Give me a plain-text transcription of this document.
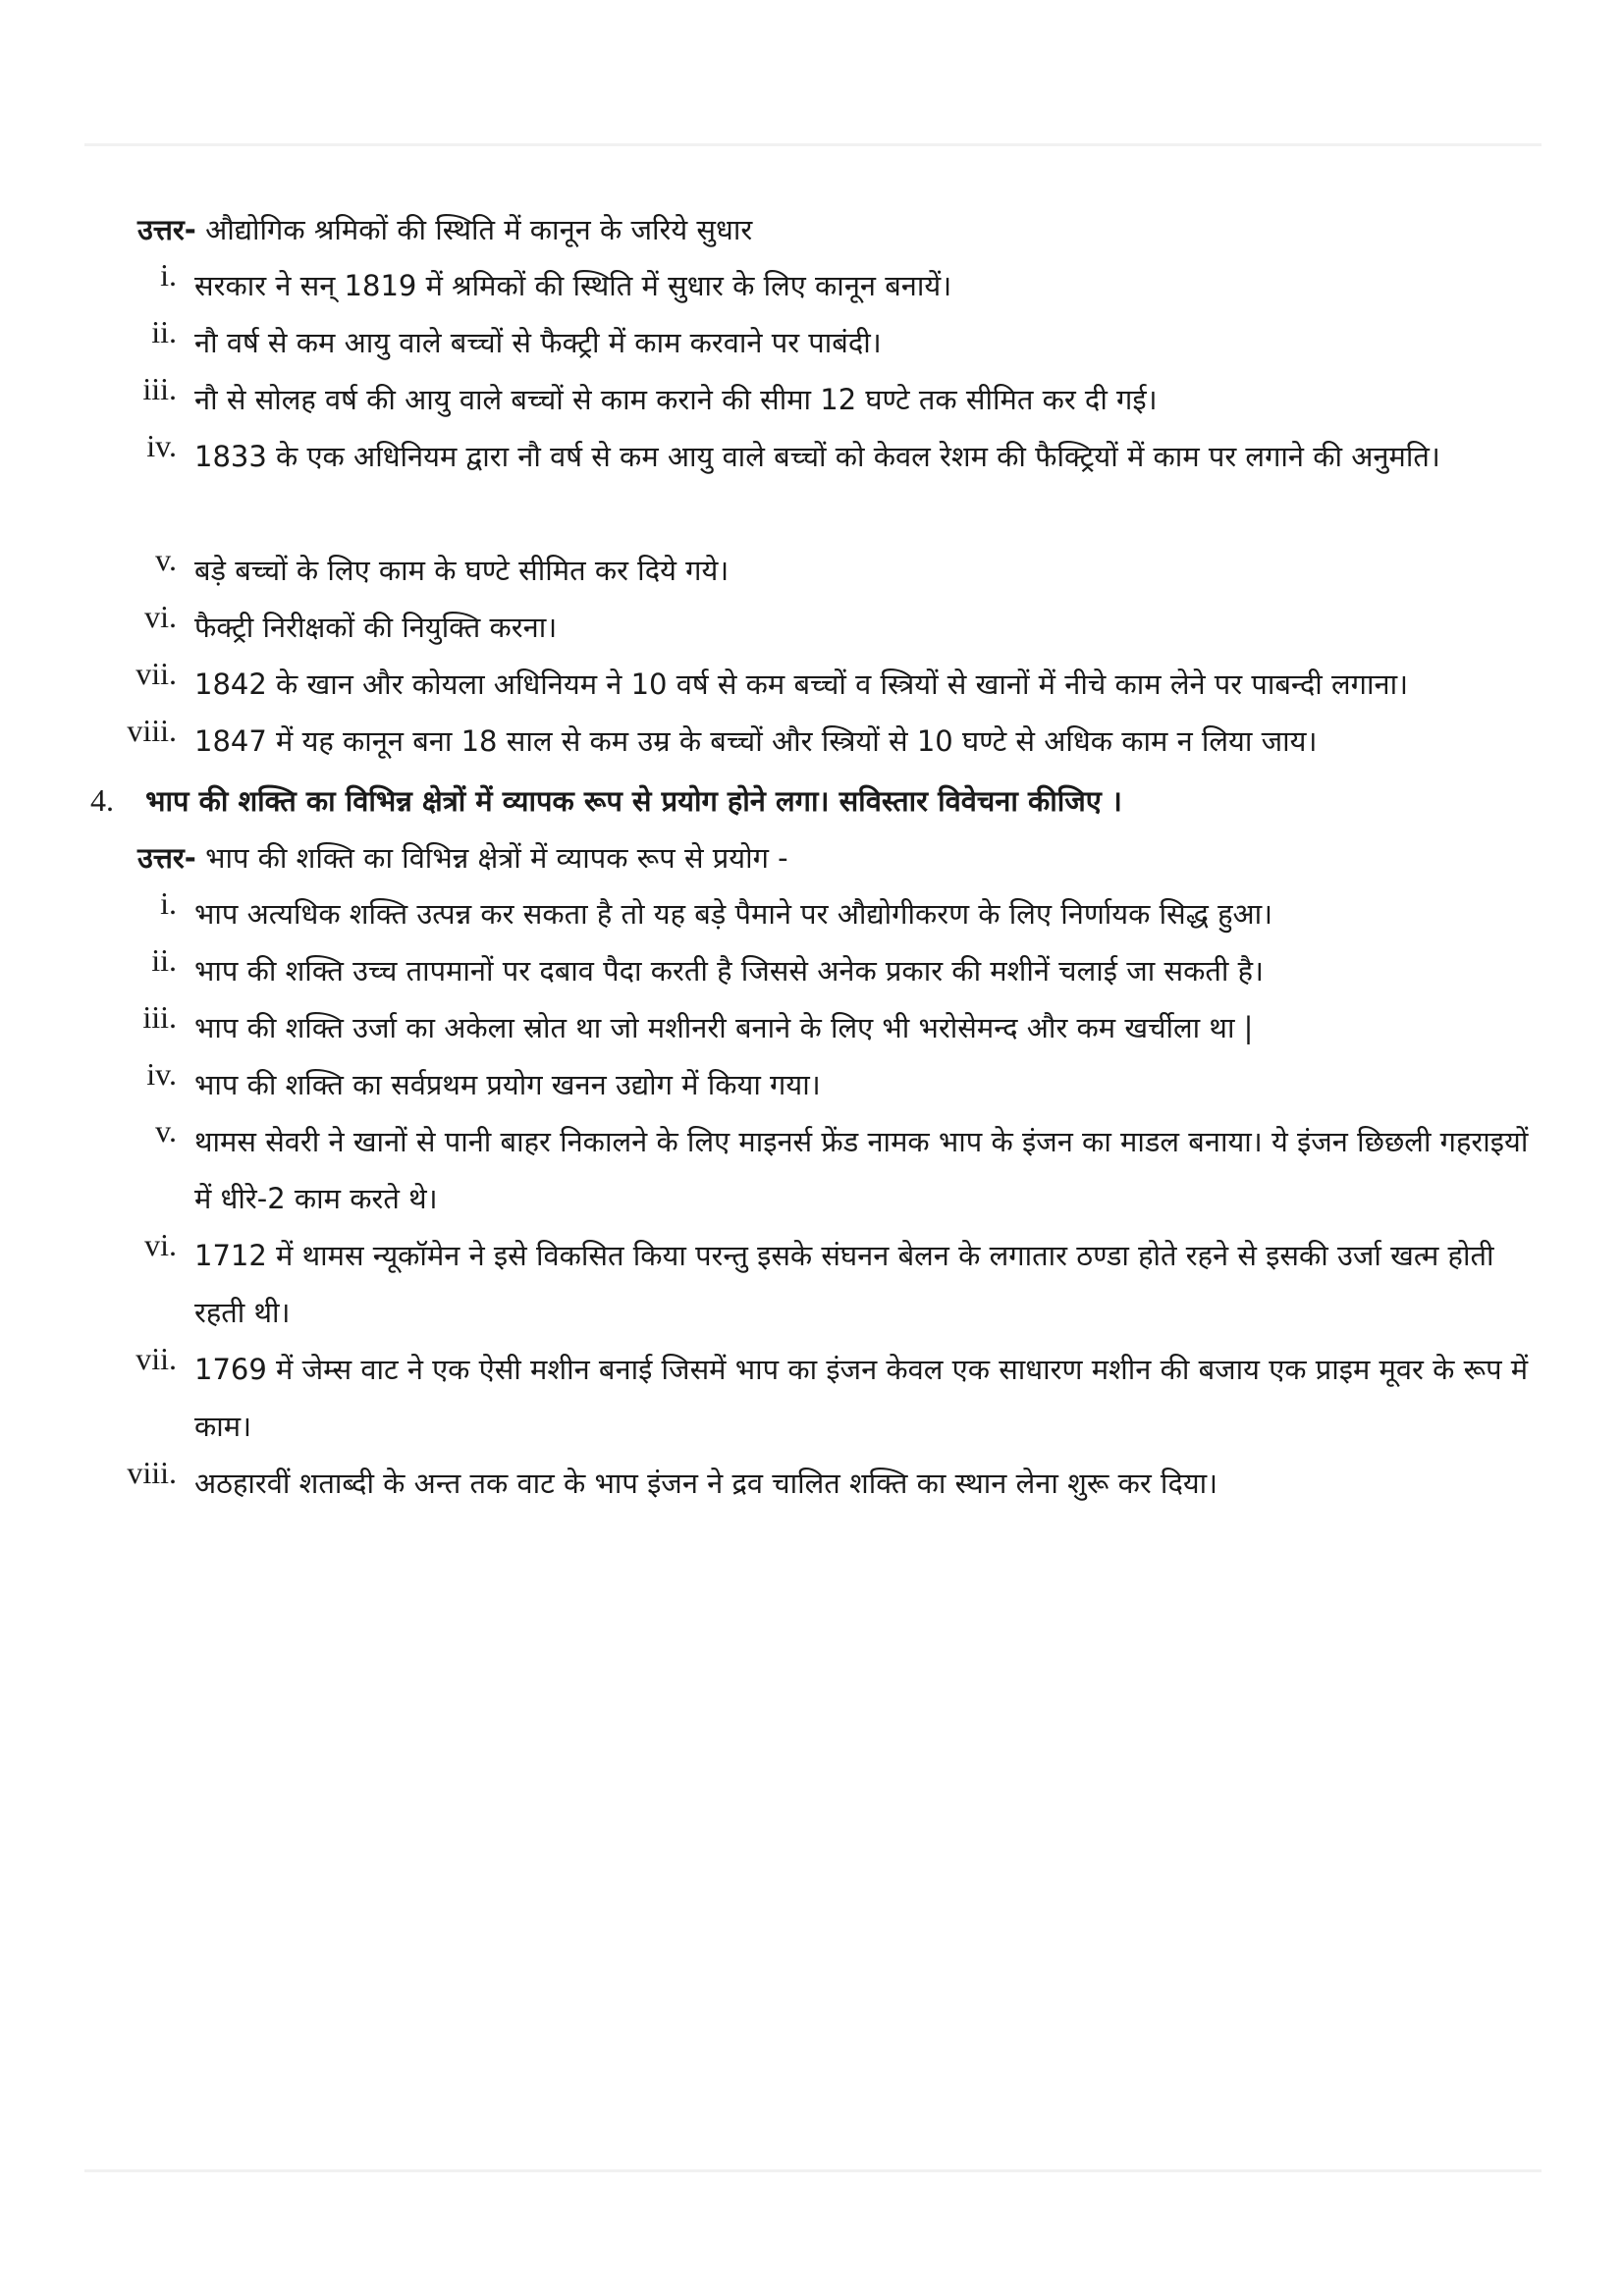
उत्तर- औद्योगिक श्रमिकों की स्थिति में कानून के जरिये सुधार
i. सरकार ने सन् 1819 में श्रमिकों की स्थिति में सुधार के लिए कानून बनायें।
ii. नौ वर्ष से कम आयु वाले बच्चों से फैक्ट्री में काम करवाने पर पाबंदी।
iii. नौ से सोलह वर्ष की आयु वाले बच्चों से काम कराने की सीमा 12 घण्टे तक सीमित कर दी गई।
iv. 1833 के एक अधिनियम द्वारा नौ वर्ष से कम आयु वाले बच्चों को केवल रेशम की फैक्ट्रियों में काम पर लगाने की अनुमति।
v. बड़े बच्चों के लिए काम के घण्टे सीमित कर दिये गये।
vi. फैक्ट्री निरीक्षकों की नियुक्ति करना।
vii. 1842 के खान और कोयला अधिनियम ने 10 वर्ष से कम बच्चों व स्त्रियों से खानों में नीचे काम लेने पर पाबन्दी लगाना।
viii. 1847 में यह कानून बना 18 साल से कम उम्र के बच्चों और स्त्रियों से 10 घण्टे से अधिक काम न लिया जाय।
4. भाप की शक्ति का विभिन्न क्षेत्रों में व्यापक रूप से प्रयोग होने लगा। सविस्तार विवेचना कीजिए ।
उत्तर- भाप की शक्ति का विभिन्न क्षेत्रों में व्यापक रूप से प्रयोग -
i. भाप अत्यधिक शक्ति उत्पन्न कर सकता है तो यह बड़े पैमाने पर औद्योगीकरण के लिए निर्णायक सिद्ध हुआ।
ii. भाप की शक्ति उच्च तापमानों पर दबाव पैदा करती है जिससे अनेक प्रकार की मशीनें चलाई जा सकती है।
iii. भाप की शक्ति उर्जा का अकेला स्रोत था जो मशीनरी बनाने के लिए भी भरोसेमन्द और कम खर्चीला था |
iv. भाप की शक्ति का सर्वप्रथम प्रयोग खनन उद्योग में किया गया।
v. थामस सेवरी ने खानों से पानी बाहर निकालने के लिए माइनर्स फ्रेंड नामक भाप के इंजन का माडल बनाया। ये इंजन छिछली गहराइयों में धीरे-2 काम करते थे।
vi. 1712 में थामस न्यूकॉमेन ने इसे विकसित किया परन्तु इसके संघनन बेलन के लगातार ठण्डा होते रहने से इसकी उर्जा खत्म होती रहती थी।
vii. 1769 में जेम्स वाट ने एक ऐसी मशीन बनाई जिसमें भाप का इंजन केवल एक साधारण मशीन की बजाय एक प्राइम मूवर के रूप में काम।
viii. अठहारवीं शताब्दी के अन्त तक वाट के भाप इंजन ने द्रव चालित शक्ति का स्थान लेना शुरू कर दिया।
